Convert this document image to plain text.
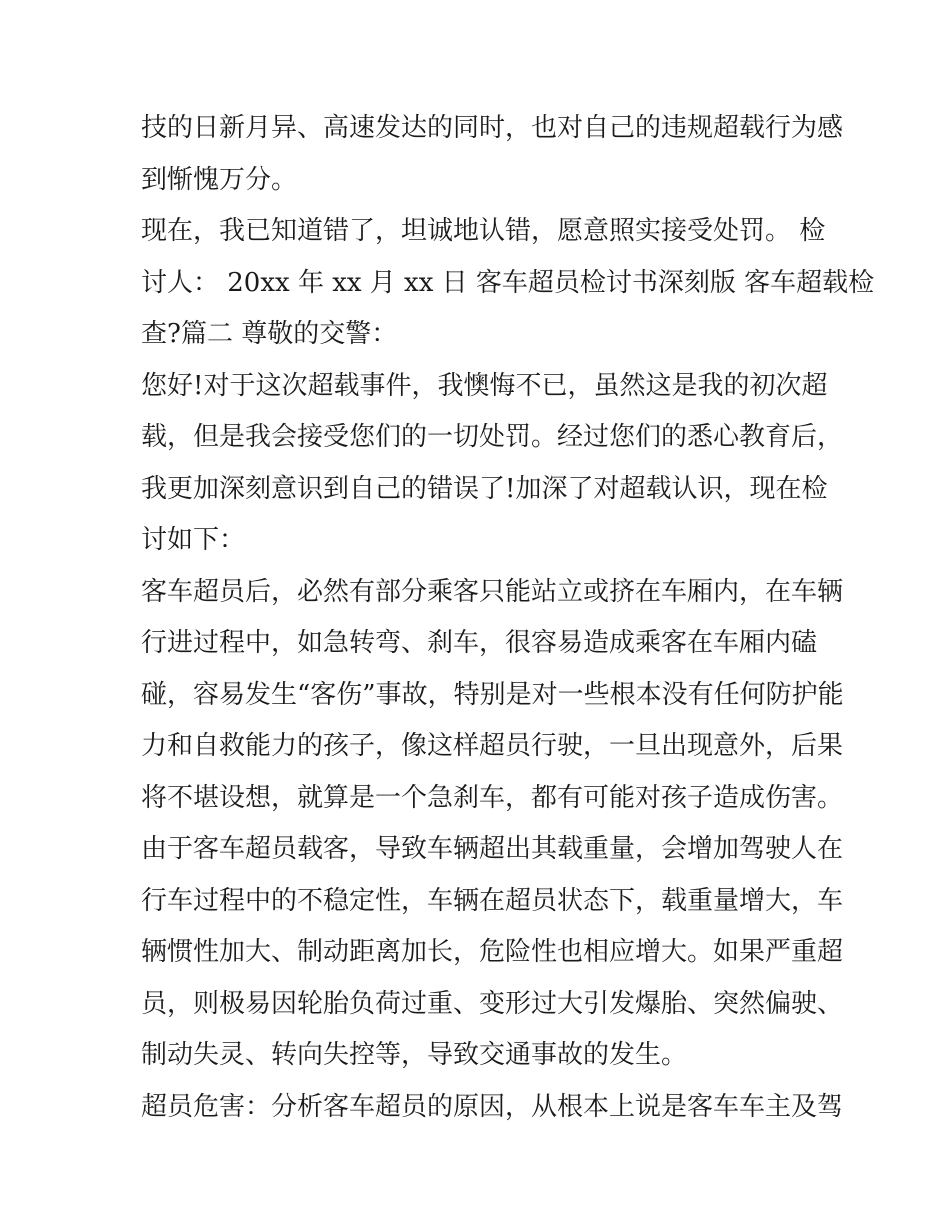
技的日新月异、高速发达的同时，也对自己的违规超载行为感
到惭愧万分。
现在，我已知道错了，坦诚地认错，愿意照实接受处罚。 检
讨人： 20xx 年 xx 月 xx 日 客车超员检讨书深刻版 客车超载检
查?篇二 尊敬的交警：
您好!对于这次超载事件，我懊悔不已，虽然这是我的初次超
载，但是我会接受您们的一切处罚。经过您们的悉心教育后，
我更加深刻意识到自己的错误了!加深了对超载认识，现在检
讨如下：
客车超员后，必然有部分乘客只能站立或挤在车厢内，在车辆
行进过程中，如急转弯、刹车，很容易造成乘客在车厢内磕
碰，容易发生“客伤”事故，特别是对一些根本没有任何防护能
力和自救能力的孩子，像这样超员行驶，一旦出现意外，后果
将不堪设想，就算是一个急刹车，都有可能对孩子造成伤害。
由于客车超员载客，导致车辆超出其载重量，会增加驾驶人在
行车过程中的不稳定性，车辆在超员状态下，载重量增大，车
辆惯性加大、制动距离加长，危险性也相应增大。如果严重超
员，则极易因轮胎负荷过重、变形过大引发爆胎、突然偏驶、
制动失灵、转向失控等，导致交通事故的发生。
超员危害：分析客车超员的原因，从根本上说是客车车主及驾
